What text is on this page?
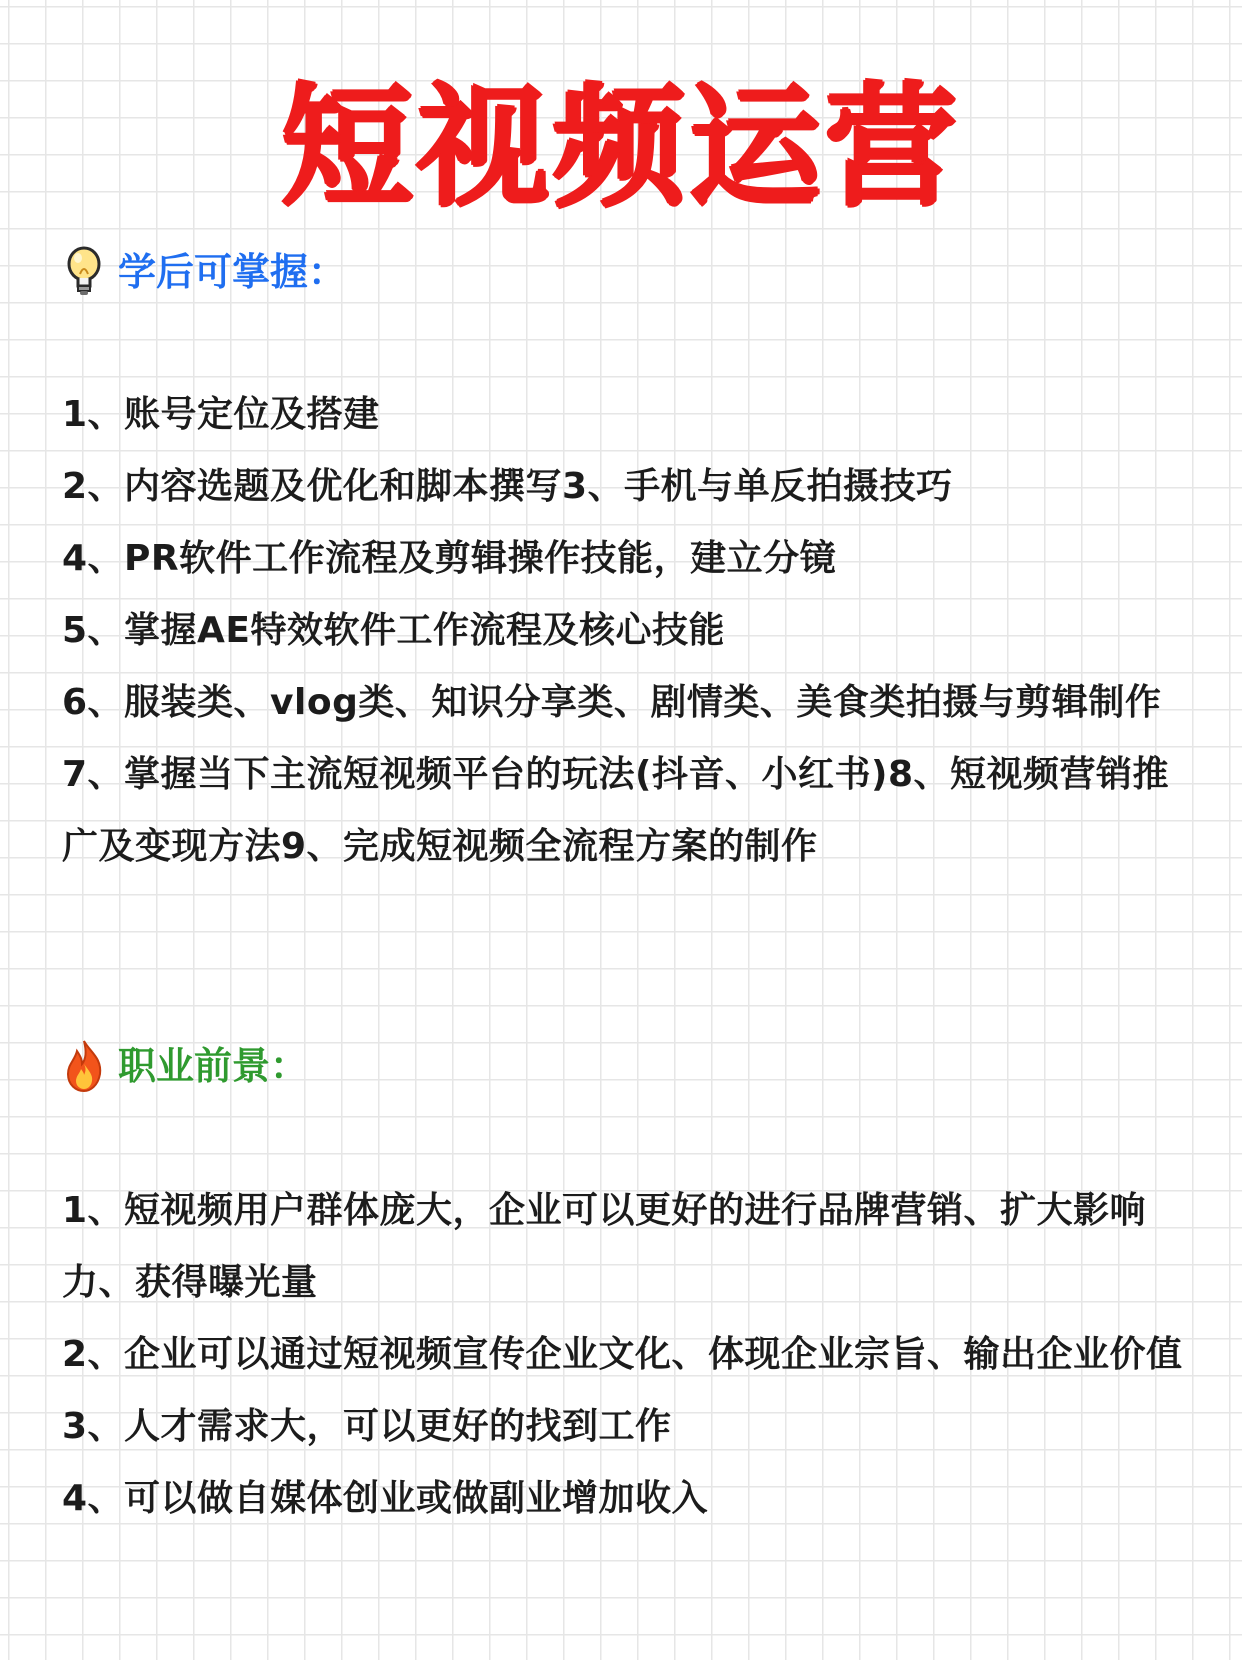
短视频运营
学后可掌握：
1、账号定位及搭建
2、内容选题及优化和脚本撰写3、手机与单反拍摄技巧
4、PR软件工作流程及剪辑操作技能，建立分镜
5、掌握AE特效软件工作流程及核心技能
6、服装类、vlog类、知识分享类、剧情类、美食类拍摄与剪辑制作
7、掌握当下主流短视频平台的玩法(抖音、小红书)8、短视频营销推广及变现方法9、完成短视频全流程方案的制作
职业前景：
1、短视频用户群体庞大，企业可以更好的进行品牌营销、扩大影响力、获得曝光量
2、企业可以通过短视频宣传企业文化、体现企业宗旨、输出企业价值
3、人才需求大，可以更好的找到工作
4、可以做自媒体创业或做副业增加收入
